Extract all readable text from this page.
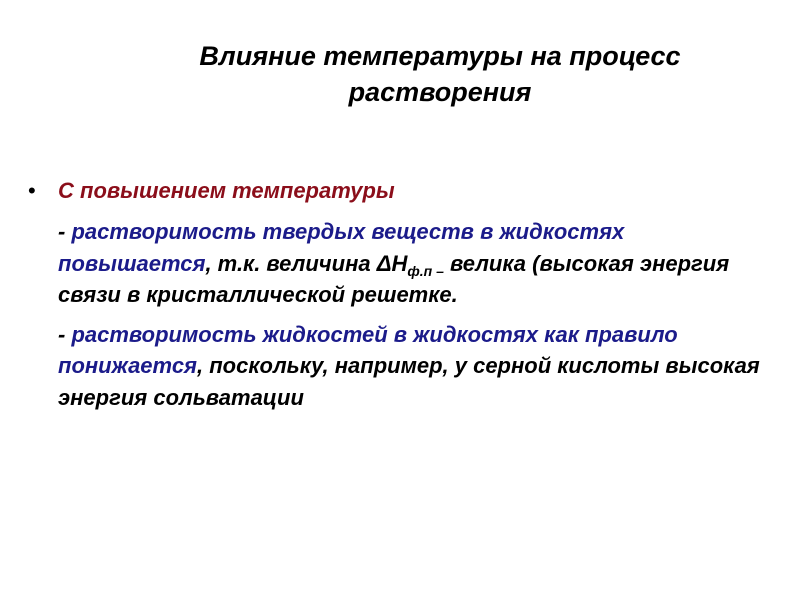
Влияние температуры на процесс
растворения
• С повышением температуры
- растворимость твердых веществ в жидкостях повышается, т.к. величина $\Delta Н_{ф.п -}$ велика (высокая энергия связи в кристаллической решетке.
- растворимость жидкостей в жидкостях как правило понижается, поскольку, например, у серной кислоты высокая энергия сольватации
